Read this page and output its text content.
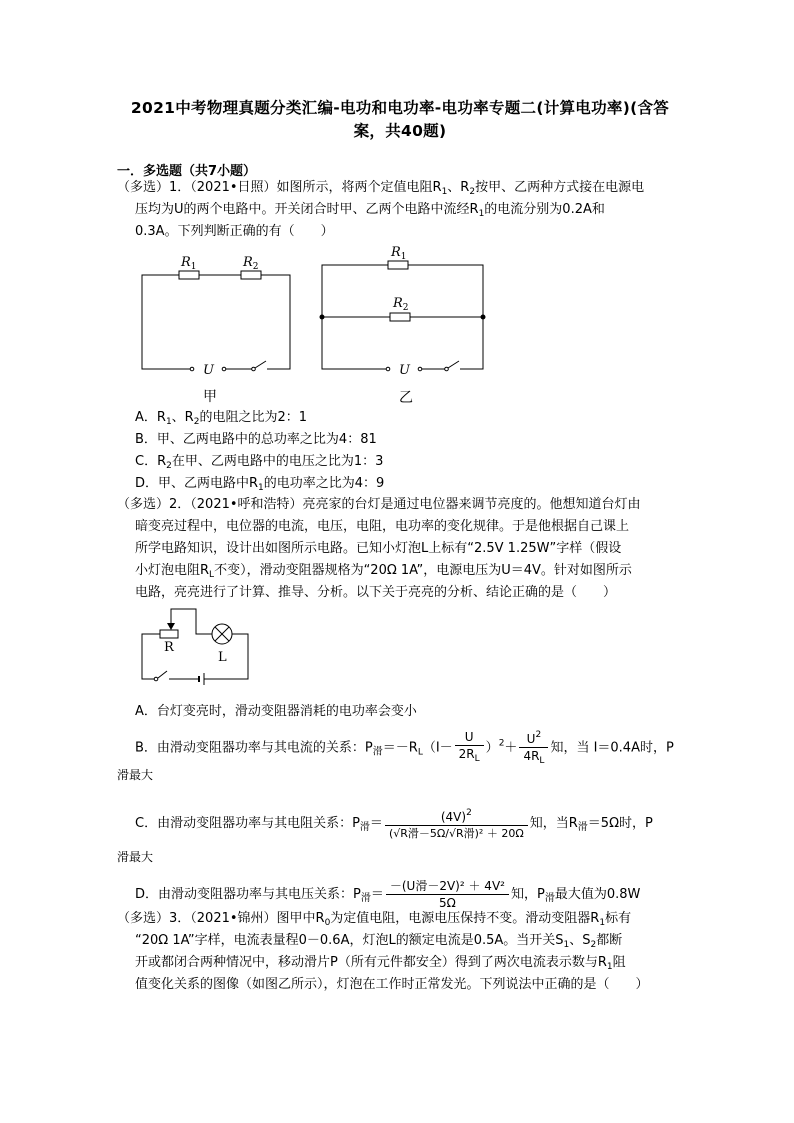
2021中考物理真题分类汇编-电功和电功率-电功率专题二(计算电功率)(含答
案，共40题)
一．多选题（共7小题）
（多选）1．（2021•日照）如图所示，将两个定值电阻$R_1$、$R_2$按甲、乙两种方式接在电源电
压均为U的两个电路中。开关闭合时甲、乙两个电路中流经$R_1$的电流分别为0.2A和
0.3A。下列判断正确的有（　　）
$R_1$	$R_2$
U
甲
$R_1$
$R_2$
U
乙
A．$R_1$、$R_2$的电阻之比为2：1
B．甲、乙两电路中的总功率之比为4：81
C．$R_2$在甲、乙两电路中的电压之比为1：3
D．甲、乙两电路中$R_1$的电功率之比为4：9
（多选）2．（2021•呼和浩特）亮亮家的台灯是通过电位器来调节亮度的。他想知道台灯由
暗变亮过程中，电位器的电流，电压，电阻，电功率的变化规律。于是他根据自己课上
所学电路知识，设计出如图所示电路。已知小灯泡L上标有“2.5V 1.25W”字样（假设
小灯泡电阻$R_L$不变），滑动变阻器规格为“20Ω 1A”，电源电压为U＝4V。针对如图所示
电路，亮亮进行了计算、推导、分析。以下关于亮亮的分析、结论正确的是（　　）
R
L
A．台灯变亮时，滑动变阻器消耗的电功率会变小
B．由滑动变阻器功率与其电流的关系：$P_滑=-R_L(I- \frac{U}{2R_L} )^2+ \frac{U^2}{4R_L}$ 知，当 I＝0.4A时，P
滑最大
C．由滑动变阻器功率与其电阻关系：$P_滑= \frac{(4V)^2}{\text{(√R滑－5Ω/√R滑)² ＋ 20Ω}}$ 知，当$R_滑=5\Omega$时，P
滑最大
D．由滑动变阻器功率与其电压关系：$P_滑= \frac{\text{－(U滑－2V)² ＋ 4V²}}{5\Omega}$ 知，$P_滑$最大值为0.8W
（多选）3．（2021•锦州）图甲中$R_0$为定值电阻，电源电压保持不变。滑动变阻器$R_1$标有
“20Ω 1A”字样，电流表量程0－0.6A，灯泡L的额定电流是0.5A。当开关$S_1$、$S_2$都断
开或都闭合两种情况中，移动滑片P（所有元件都安全）得到了两次电流表示数与$R_1$阻
值变化关系的图像（如图乙所示），灯泡在工作时正常发光。下列说法中正确的是（　　）
